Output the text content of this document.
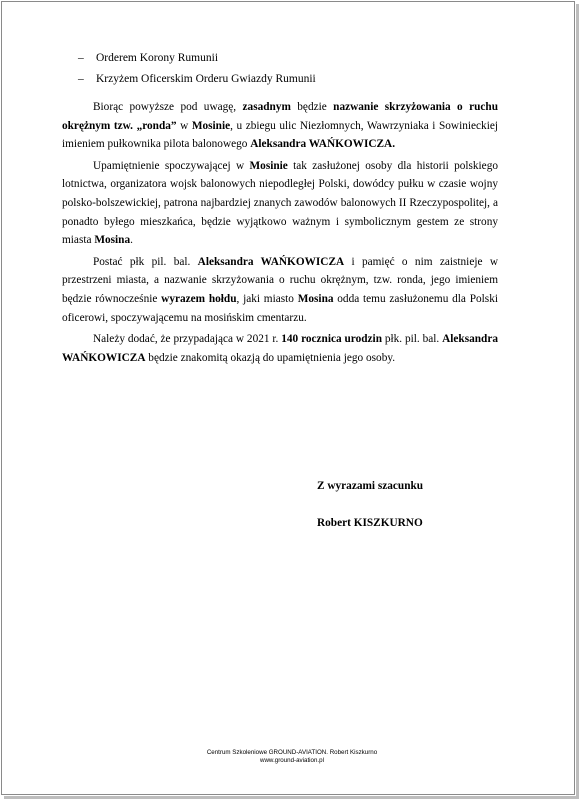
– Orderem Korony Rumunii
– Krzyżem Oficerskim Orderu Gwiazdy Rumunii

Biorąc powyższe pod uwagę, zasadnym będzie nazwanie skrzyżowania o ruchu okrężnym tzw. „ronda” w Mosinie, u zbiegu ulic Niezłomnych, Wawrzyniaka i Sowinieckiej imieniem pułkownika pilota balonowego Aleksandra WAŃKOWICZA.

Upamiętnienie spoczywającej w Mosinie tak zasłużonej osoby dla historii polskiego lotnictwa, organizatora wojsk balonowych niepodległej Polski, dowódcy pułku w czasie wojny polsko-bolszewickiej, patrona najbardziej znanych zawodów balonowych II Rzeczypospolitej, a ponadto byłego mieszkańca, będzie wyjątkowo ważnym i symbolicznym gestem ze strony miasta Mosina.

Postać płk pil. bal. Aleksandra WAŃKOWICZA i pamięć o nim zaistnieje w przestrzeni miasta, a nazwanie skrzyżowania o ruchu okrężnym, tzw. ronda, jego imieniem będzie równocześnie wyrazem hołdu, jaki miasto Mosina odda temu zasłużonemu dla Polski oficerowi, spoczywającemu na mosińskim cmentarzu.

Należy dodać, że przypadająca w 2021 r. 140 rocznica urodzin płk. pil. bal. Aleksandra WAŃKOWICZA będzie znakomitą okazją do upamiętnienia jego osoby.

Z wyrazami szacunku
Robert KISZKURNO
Centrum Szkoleniowe GROUND-AVIATION. Robert Kiszkurno
www.ground-aviation.pl
